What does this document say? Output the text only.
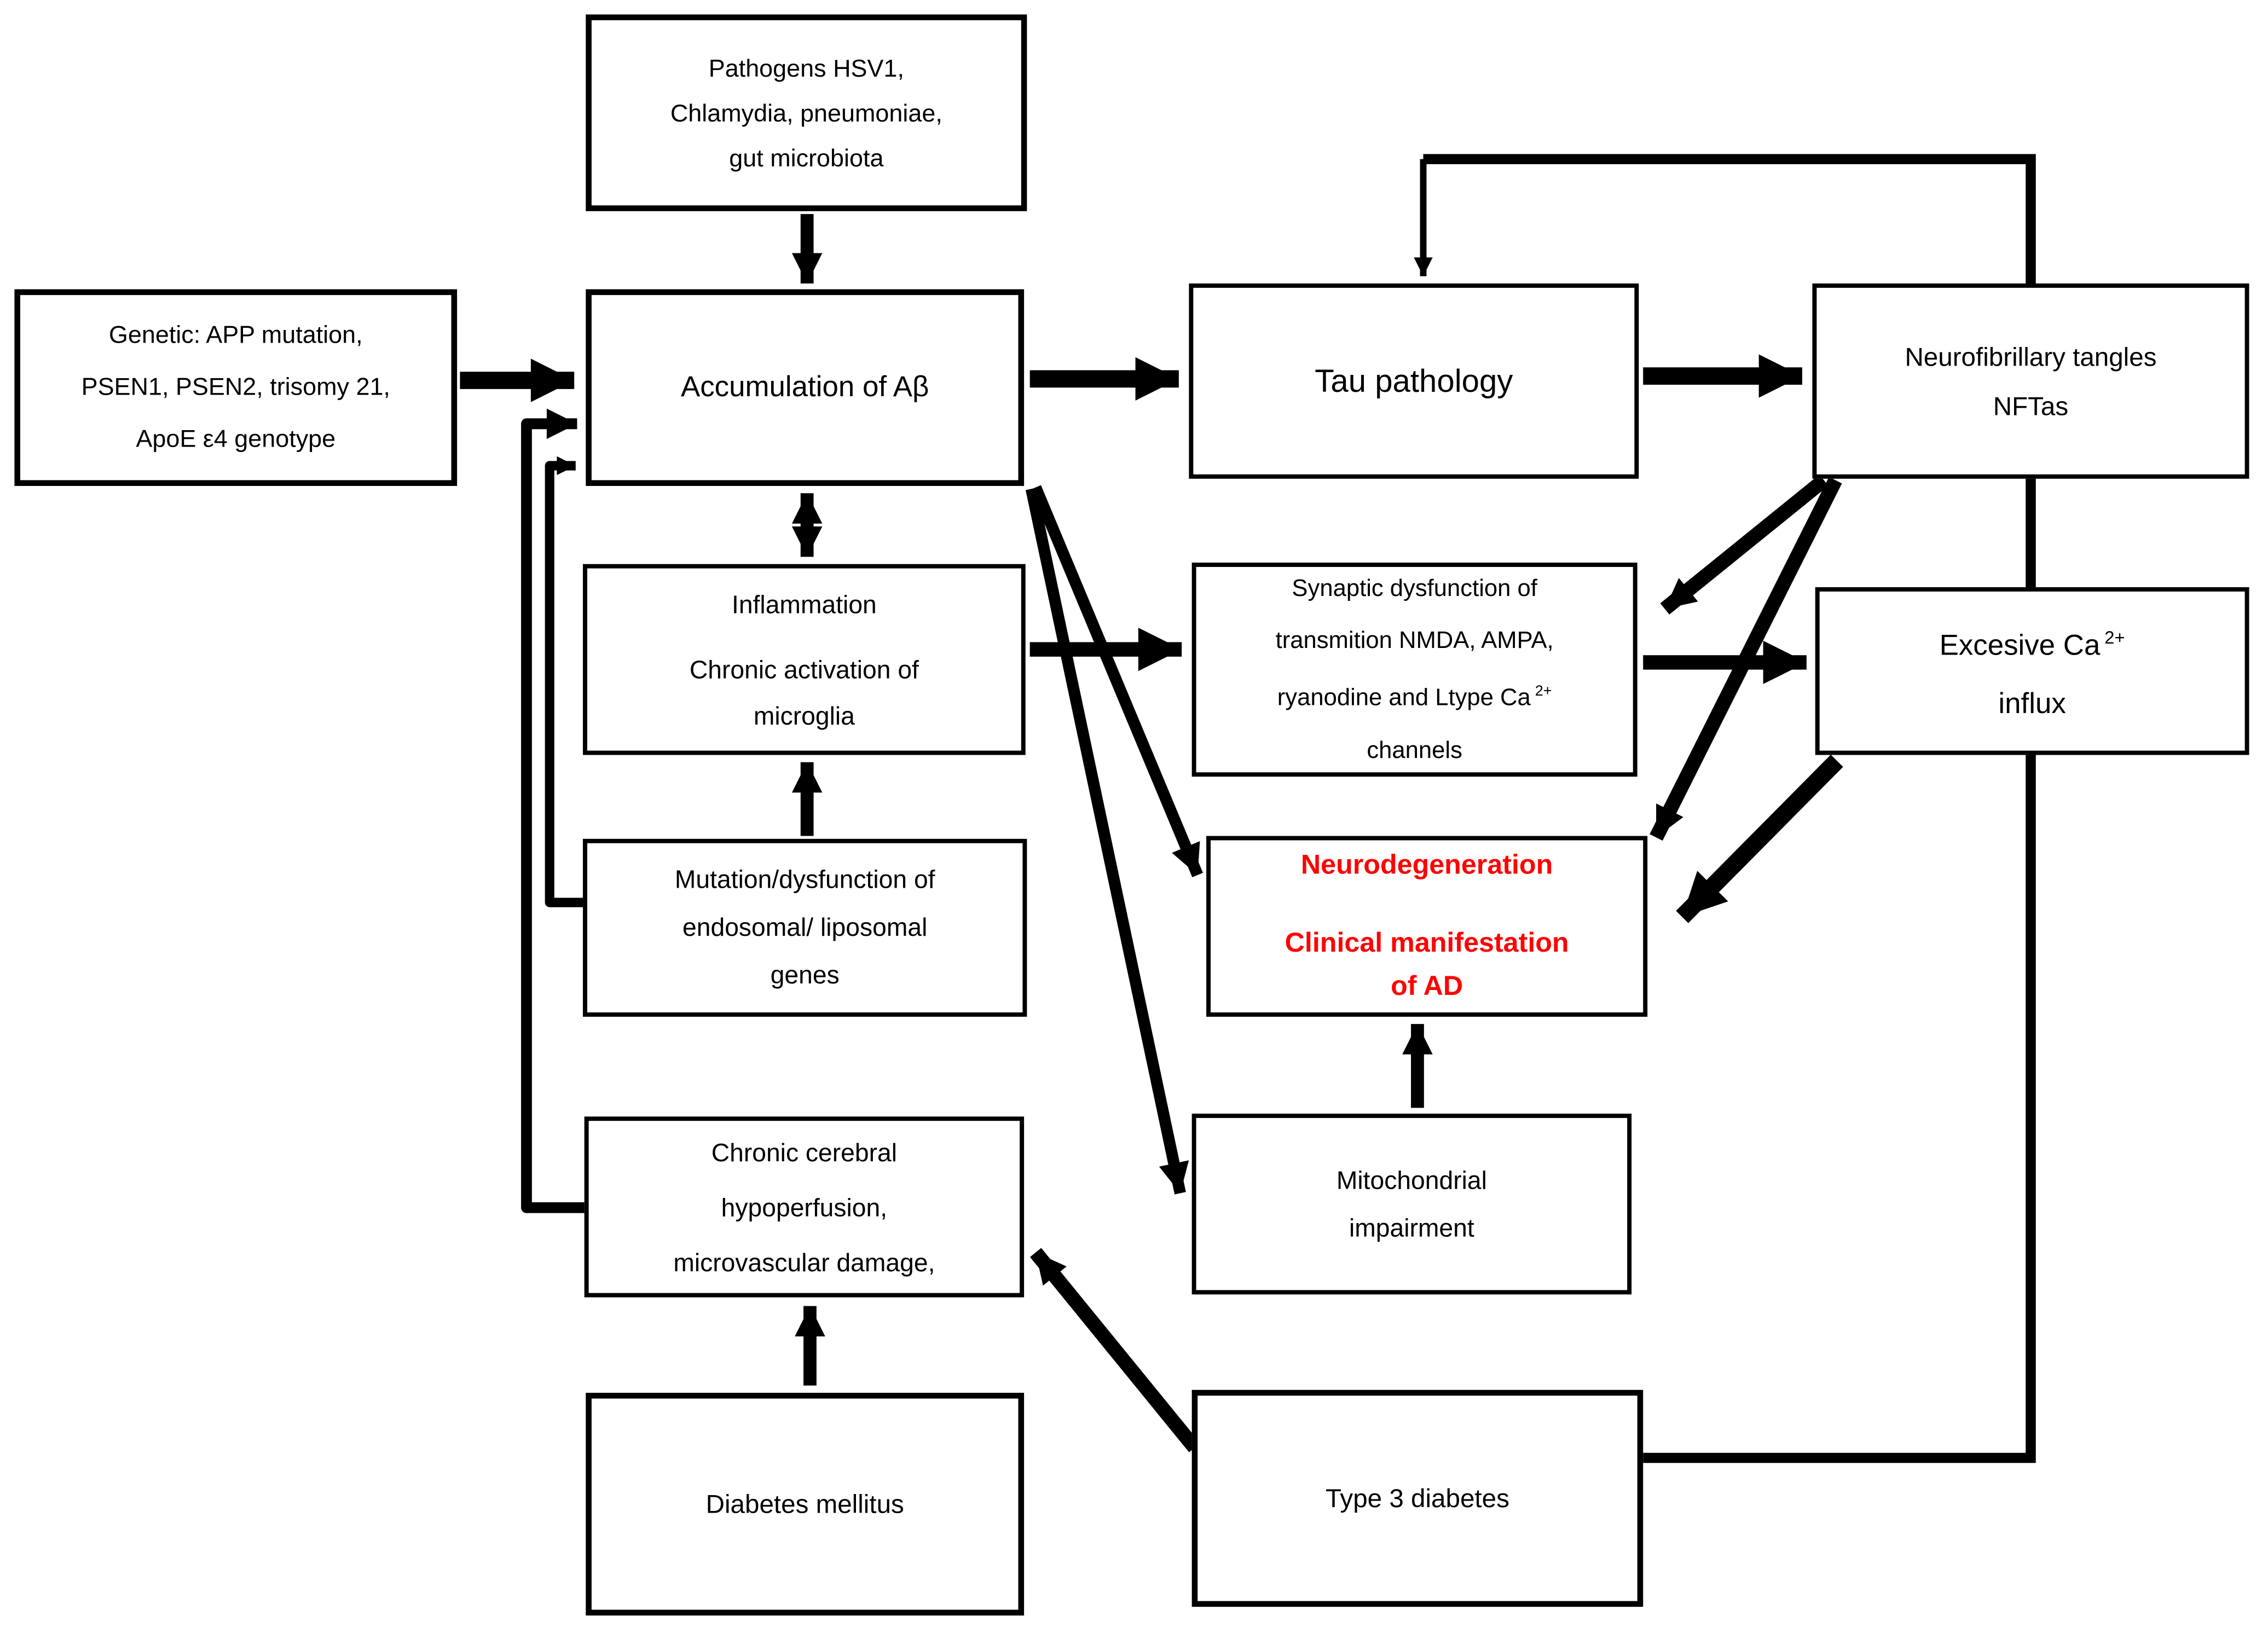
Pathogens HSV1,
Chlamydia, pneumoniae,
gut microbiota
Genetic: APP mutation,
PSEN1, PSEN2, trisomy 21,
ApoE ε4 genotype
Accumulation of Aβ	Tau pathology
Neurofibrillary tangles
NFTas
Inflammation
Chronic activation of
microglia
Synaptic dysfunction of
transmition NMDA, AMPA,
ryanodine and Ltype Ca $^{2+}$
channels
Excesive Ca $^{2+}$
influx
Mutation/dysfunction of
endosomal/ liposomal
genes
Neurodegeneration
Clinical manifestation
of AD
Chronic cerebral
hypoperfusion,
microvascular damage,
Mitochondrial
impairment
Diabetes mellitus	Type 3 diabetes
